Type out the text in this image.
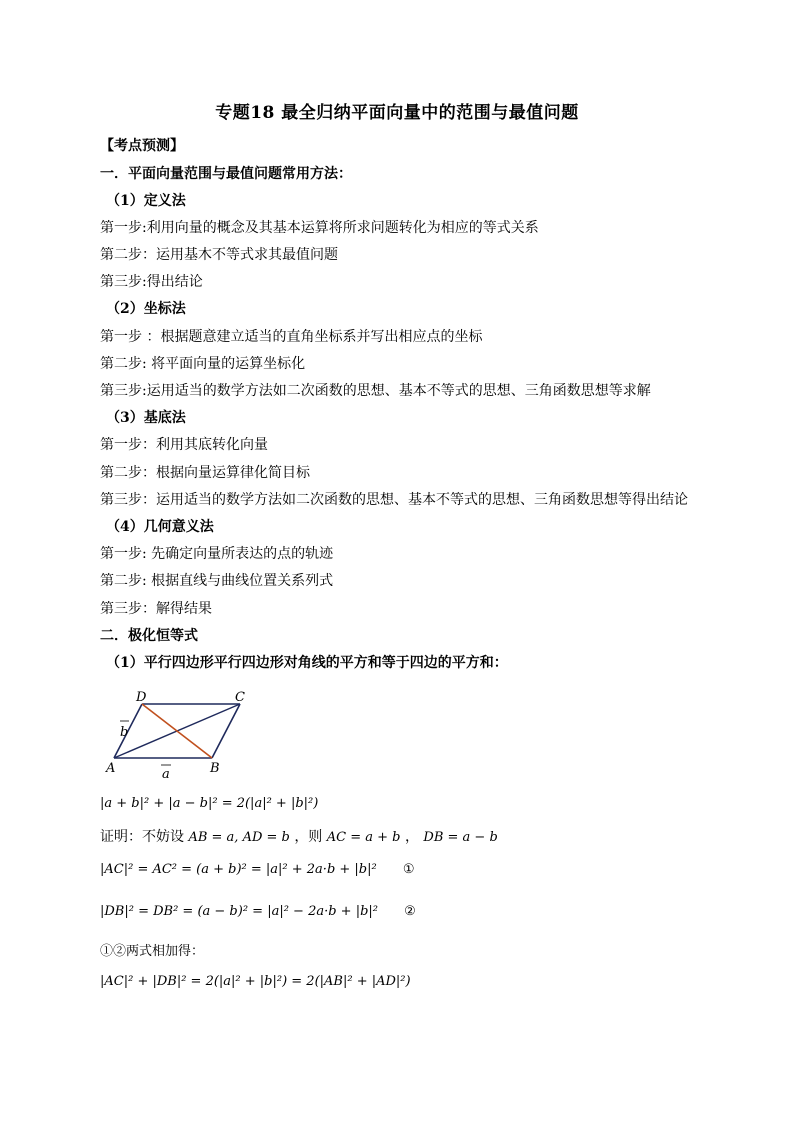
专题18 最全归纳平面向量中的范围与最值问题
【考点预测】
一．平面向量范围与最值问题常用方法：
（1）定义法
第一步:利用向量的概念及其基本运算将所求问题转化为相应的等式关系
第二步：运用基木不等式求其最值问题
第三步:得出结论
（2）坐标法
第一步 ：根据题意建立适当的直角坐标系并写出相应点的坐标
第二步: 将平面向量的运算坐标化
第三步:运用适当的数学方法如二次函数的思想、基本不等式的思想、三角函数思想等求解
（3）基底法
第一步：利用其底转化向量
第二步：根据向量运算律化简目标
第三步：运用适当的数学方法如二次函数的思想、基本不等式的思想、三角函数思想等得出结论
（4）几何意义法
第一步: 先确定向量所表达的点的轨迹
第二步: 根据直线与曲线位置关系列式
第三步：解得结果
二．极化恒等式
（1）平行四边形平行四边形对角线的平方和等于四边的平方和：
D	C
A	B
b
a
|a + b|² + |a − b|² = 2(|a|² + |b|²)
证明：不妨设 AB = a, AD = b ，则 AC = a + b ， DB = a − b
|AC|² = AC² = (a + b)² = |a|² + 2a·b + |b|² ①
|DB|² = DB² = (a − b)² = |a|² − 2a·b + |b|² ②
①②两式相加得：
|AC|² + |DB|² = 2(|a|² + |b|²) = 2(|AB|² + |AD|²)
